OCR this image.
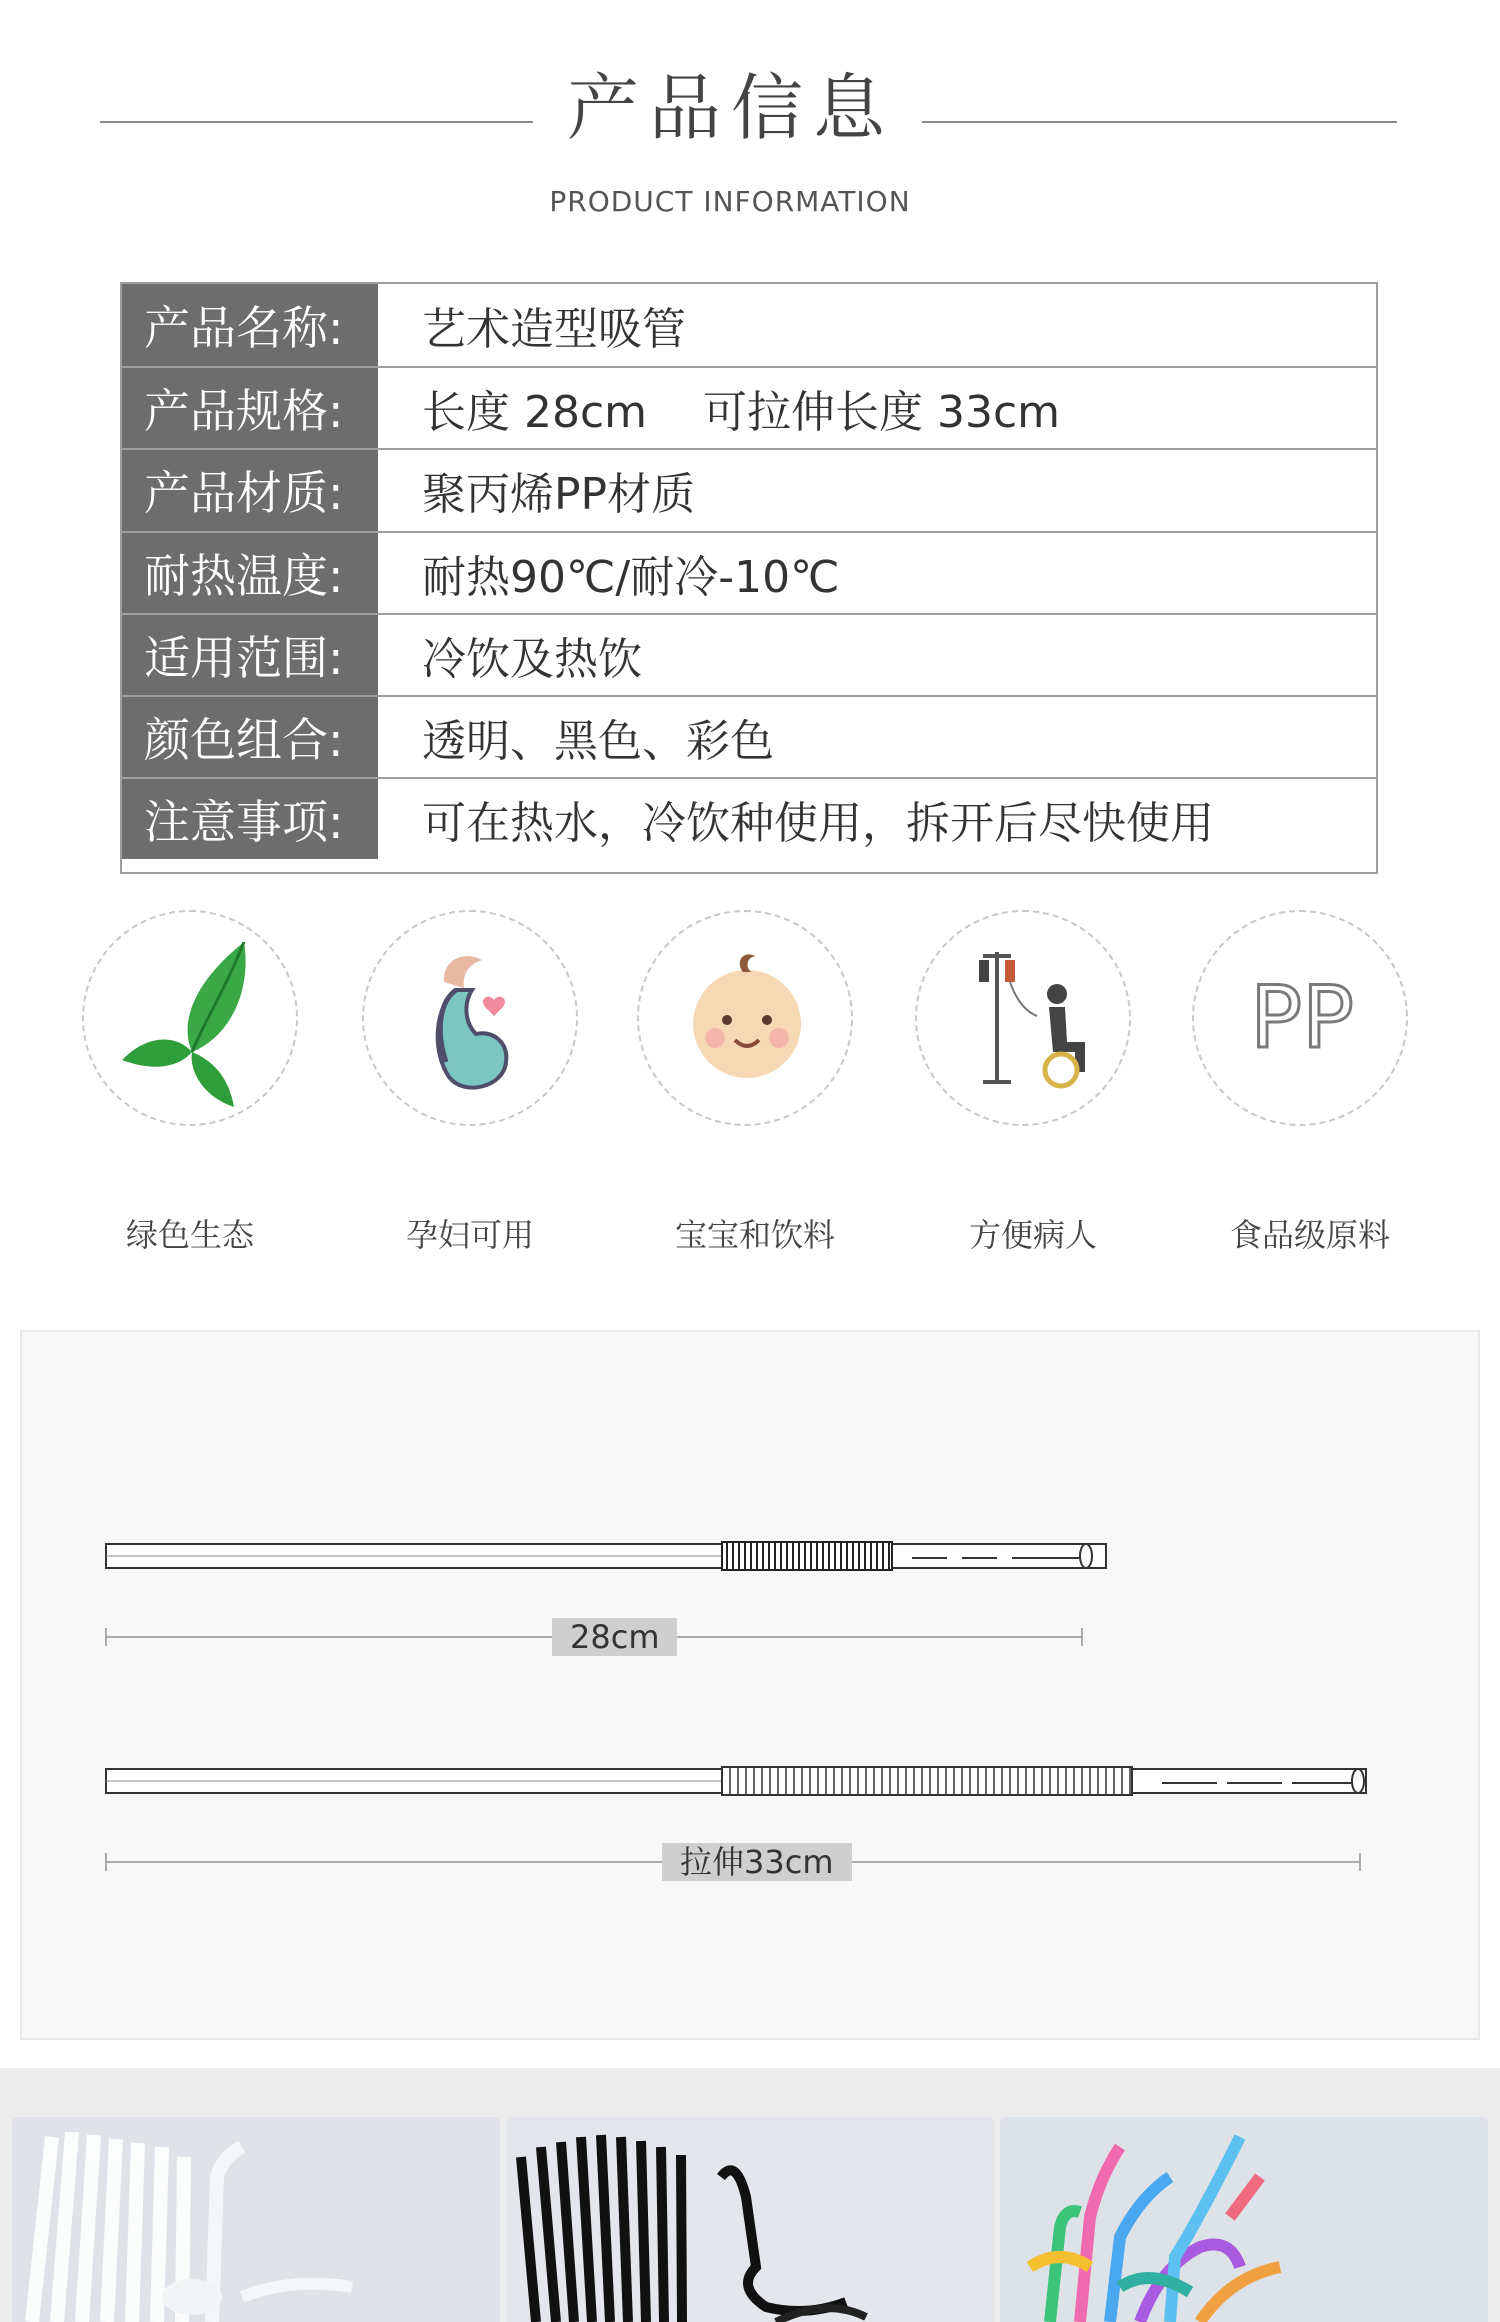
产品信息
PRODUCT INFORMATION
产品名称:	艺术造型吸管
产品规格:	长度 28cm    可拉伸长度 33cm
产品材质:	聚丙烯PP材质
耐热温度:	耐热90℃/耐冷-10℃
适用范围:	冷饮及热饮
颜色组合:	透明、黑色、彩色
注意事项:	可在热水，冷饮种使用，拆开后尽快使用
PP
绿色生态	孕妇可用	宝宝和饮料	方便病人	食品级原料
28cm
拉伸33cm
